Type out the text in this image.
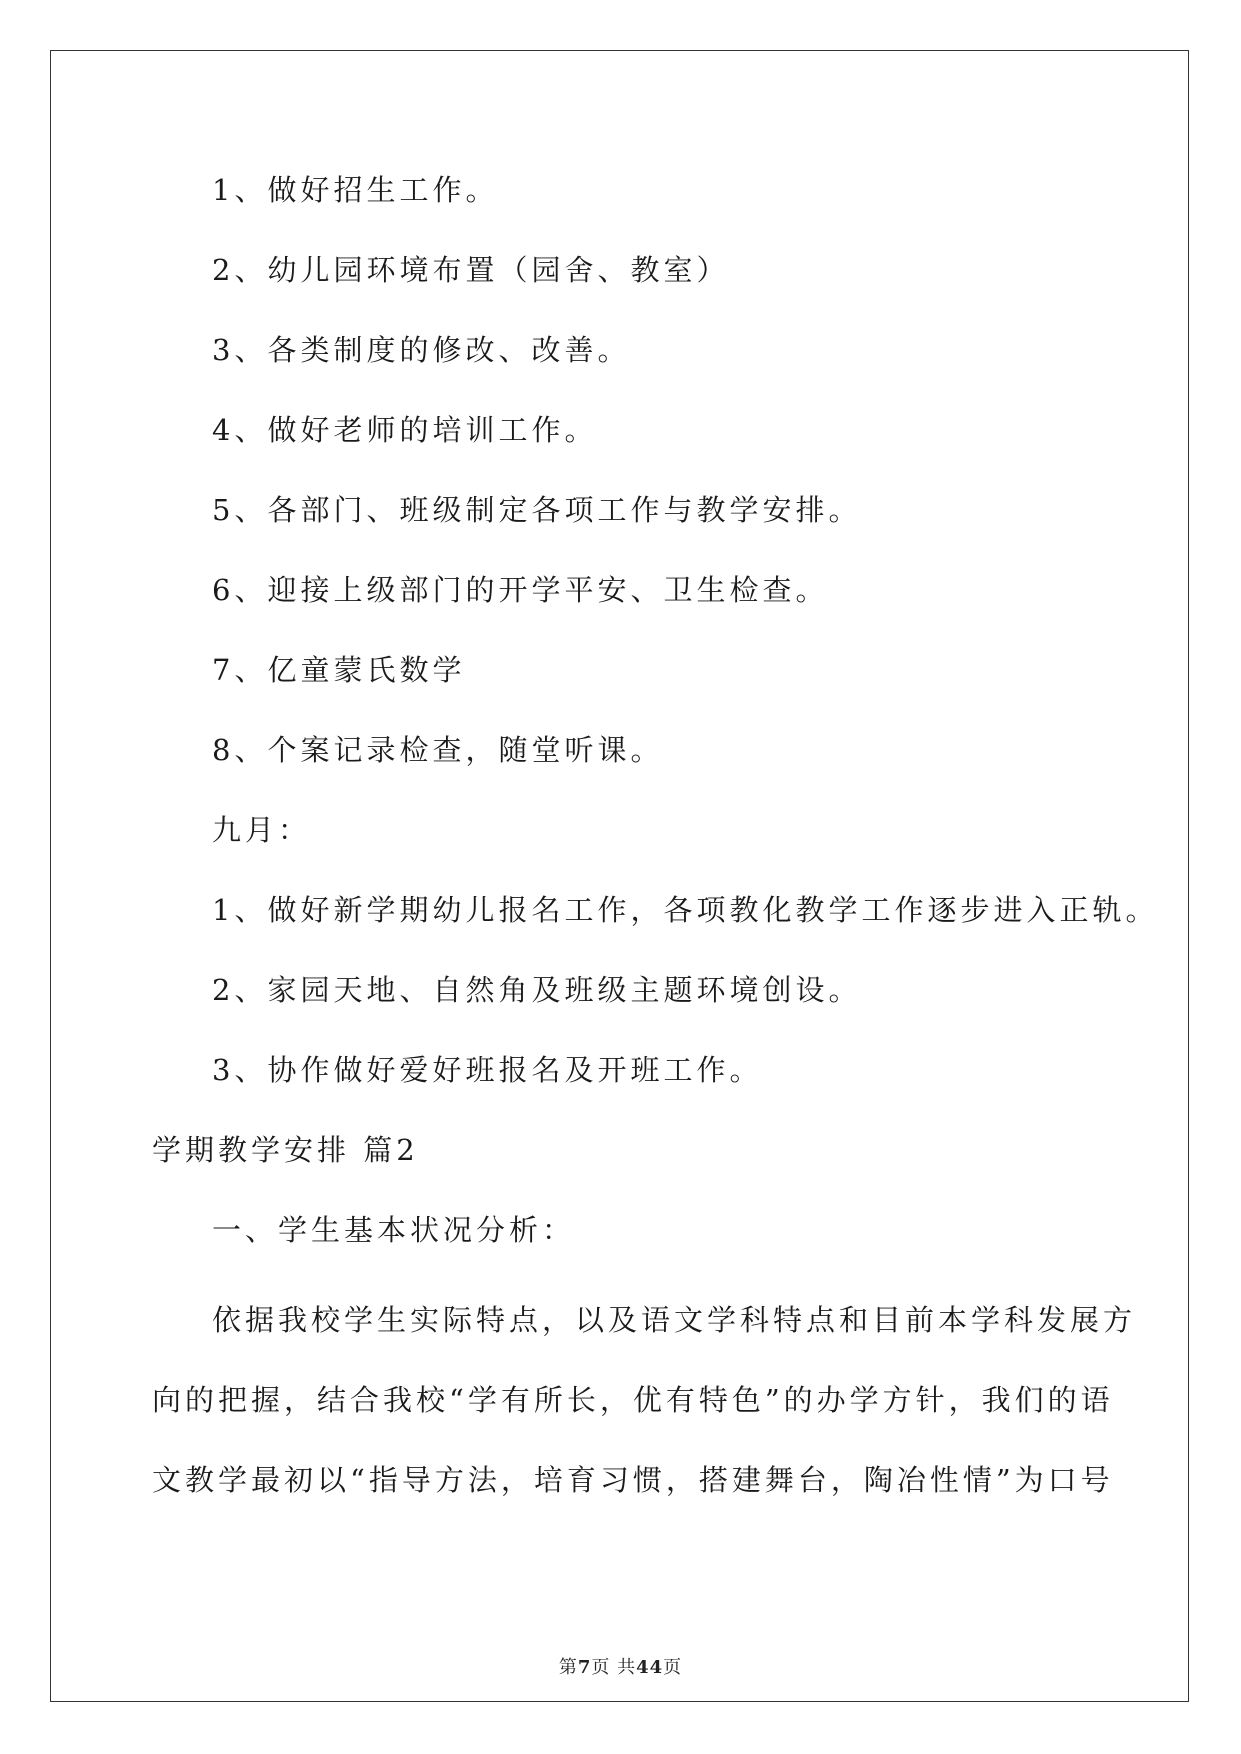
1、做好招生工作。
2、幼儿园环境布置（园舍、教室）
3、各类制度的修改、改善。
4、做好老师的培训工作。
5、各部门、班级制定各项工作与教学安排。
6、迎接上级部门的开学平安、卫生检查。
7、亿童蒙氏数学
8、个案记录检查，随堂听课。
九月：
1、做好新学期幼儿报名工作，各项教化教学工作逐步进入正轨。
2、家园天地、自然角及班级主题环境创设。
3、协作做好爱好班报名及开班工作。
学期教学安排 篇2
一、学生基本状况分析：
依据我校学生实际特点，以及语文学科特点和目前本学科发展方
向的把握，结合我校“学有所长，优有特色”的办学方针，我们的语
文教学最初以“指导方法，培育习惯，搭建舞台，陶冶性情”为口号
第7页 共44页
